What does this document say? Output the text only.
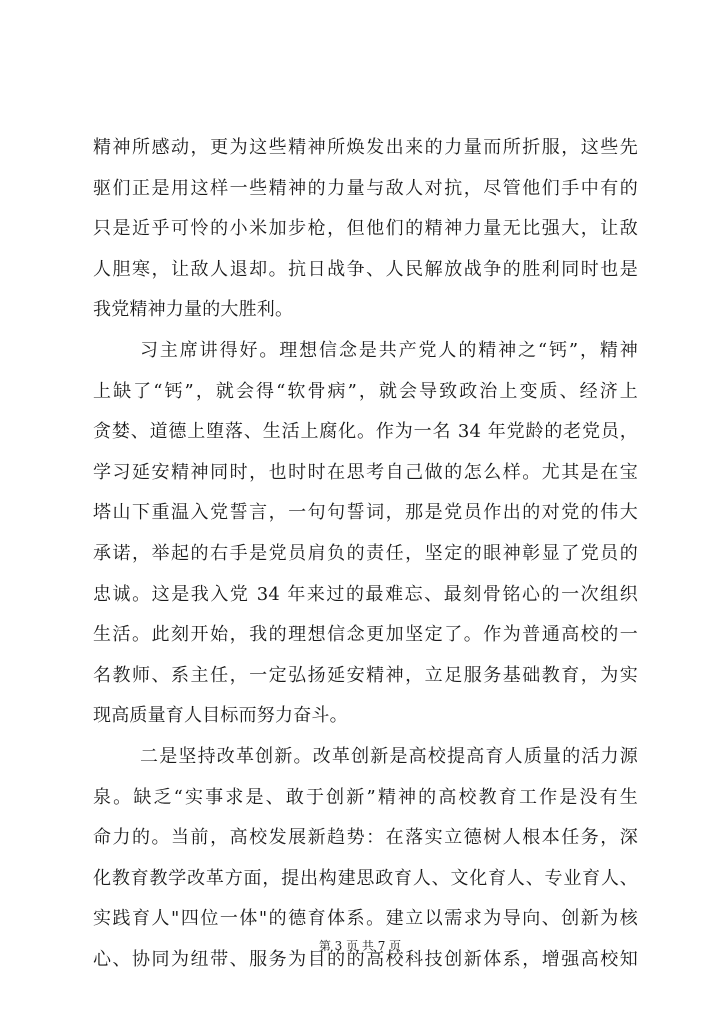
精神所感动，更为这些精神所焕发出来的力量而所折服，这些先
驱们正是用这样一些精神的力量与敌人对抗，尽管他们手中有的
只是近乎可怜的小米加步枪，但他们的精神力量无比强大，让敌
人胆寒，让敌人退却。抗日战争、人民解放战争的胜利同时也是
我党精神力量的大胜利。
习主席讲得好。理想信念是共产党人的精神之“钙”，精神
上缺了“钙”，就会得“软骨病”，就会导致政治上变质、经济上
贪婪、道德上堕落、生活上腐化。作为一名 34 年党龄的老党员，
学习延安精神同时，也时时在思考自己做的怎么样。尤其是在宝
塔山下重温入党誓言，一句句誓词，那是党员作出的对党的伟大
承诺，举起的右手是党员肩负的责任，坚定的眼神彰显了党员的
忠诚。这是我入党 34 年来过的最难忘、最刻骨铭心的一次组织
生活。此刻开始，我的理想信念更加坚定了。作为普通高校的一
名教师、系主任，一定弘扬延安精神，立足服务基础教育，为实
现高质量育人目标而努力奋斗。
二是坚持改革创新。改革创新是高校提高育人质量的活力源
泉。缺乏“实事求是、敢于创新”精神的高校教育工作是没有生
命力的。当前，高校发展新趋势：在落实立德树人根本任务，深
化教育教学改革方面，提出构建思政育人、文化育人、专业育人、
实践育人"四位一体"的德育体系。建立以需求为导向、创新为核
心、协同为纽带、服务为目的的高校科技创新体系，增强高校知
第 3 页 共 7 页
